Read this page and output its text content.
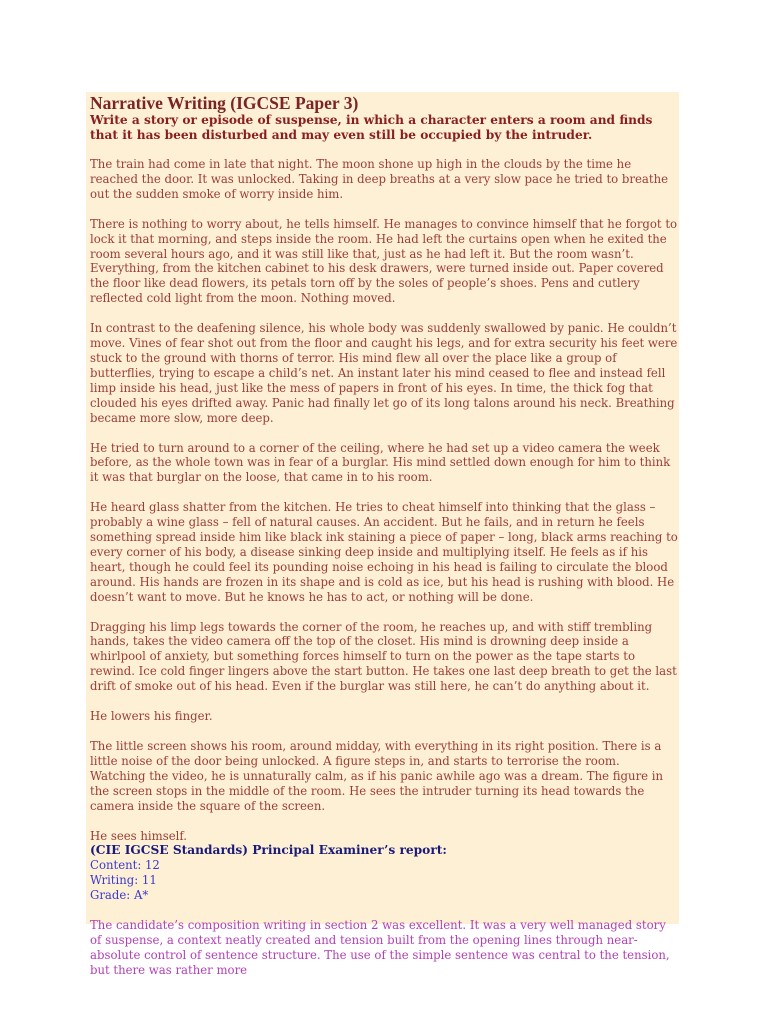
Narrative Writing (IGCSE Paper 3)

Write a story or episode of suspense, in which a character enters a room and finds that it has been disturbed and may even still be occupied by the intruder.

The train had come in late that night. The moon shone up high in the clouds by the time he reached the door. It was unlocked. Taking in deep breaths at a very slow pace he tried to breathe out the sudden smoke of worry inside him.

There is nothing to worry about, he tells himself. He manages to convince himself that he forgot to lock it that morning, and steps inside the room. He had left the curtains open when he exited the room several hours ago, and it was still like that, just as he had left it. But the room wasn’t. Everything, from the kitchen cabinet to his desk drawers, were turned inside out. Paper covered the floor like dead flowers, its petals torn off by the soles of people’s shoes. Pens and cutlery reflected cold light from the moon. Nothing moved.

In contrast to the deafening silence, his whole body was suddenly swallowed by panic. He couldn’t move. Vines of fear shot out from the floor and caught his legs, and for extra security his feet were stuck to the ground with thorns of terror. His mind flew all over the place like a group of butterflies, trying to escape a child’s net. An instant later his mind ceased to flee and instead fell limp inside his head, just like the mess of papers in front of his eyes. In time, the thick fog that clouded his eyes drifted away. Panic had finally let go of its long talons around his neck. Breathing became more slow, more deep.

He tried to turn around to a corner of the ceiling, where he had set up a video camera the week before, as the whole town was in fear of a burglar. His mind settled down enough for him to think it was that burglar on the loose, that came in to his room.

He heard glass shatter from the kitchen. He tries to cheat himself into thinking that the glass – probably a wine glass – fell of natural causes. An accident. But he fails, and in return he feels something spread inside him like black ink staining a piece of paper – long, black arms reaching to every corner of his body, a disease sinking deep inside and multiplying itself. He feels as if his heart, though he could feel its pounding noise echoing in his head is failing to circulate the blood around. His hands are frozen in its shape and is cold as ice, but his head is rushing with blood. He doesn’t want to move. But he knows he has to act, or nothing will be done.

Dragging his limp legs towards the corner of the room, he reaches up, and with stiff trembling hands, takes the video camera off the top of the closet. His mind is drowning deep inside a whirlpool of anxiety, but something forces himself to turn on the power as the tape starts to rewind. Ice cold finger lingers above the start button. He takes one last deep breath to get the last drift of smoke out of his head. Even if the burglar was still here, he can’t do anything about it.

He lowers his finger.

The little screen shows his room, around midday, with everything in its right position. There is a little noise of the door being unlocked. A figure steps in, and starts to terrorise the room. Watching the video, he is unnaturally calm, as if his panic awhile ago was a dream. The figure in the screen stops in the middle of the room. He sees the intruder turning its head towards the camera inside the square of the screen.

He sees himself.

(CIE IGCSE Standards) Principal Examiner’s report:

Content: 12

Writing: 11

Grade: A*

The candidate’s composition writing in section 2 was excellent. It was a very well managed story of suspense, a context neatly created and tension built from the opening lines through near-absolute control of sentence structure. The use of the simple sentence was central to the tension, but there was rather more
